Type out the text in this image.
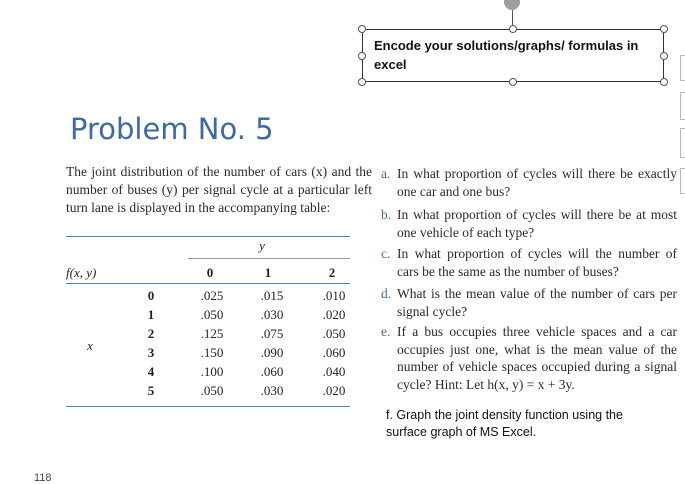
Encode your solutions/graphs/ formulas in excel
Problem No. 5
The joint distribution of the number of cars (x) and the number of buses (y) per signal cycle at a particular left turn lane is displayed in the accompanying table:
y
f(x, y)	0	1	2
x
0	.025	.015	.010
1	.050	.030	.020
2	.125	.075	.050
3	.150	.090	.060
4	.100	.060	.040
5	.050	.030	.020
a. In what proportion of cycles will there be exactly one car and one bus?
b. In what proportion of cycles will there be at most one vehicle of each type?
c. In what proportion of cycles will the number of cars be the same as the number of buses?
d. What is the mean value of the number of cars per signal cycle?
e. If a bus occupies three vehicle spaces and a car occupies just one, what is the mean value of the number of vehicle spaces occupied during a signal cycle? Hint: Let h(x, y) = x + 3y.
f. Graph the joint density function using the surface graph of MS Excel.
118
